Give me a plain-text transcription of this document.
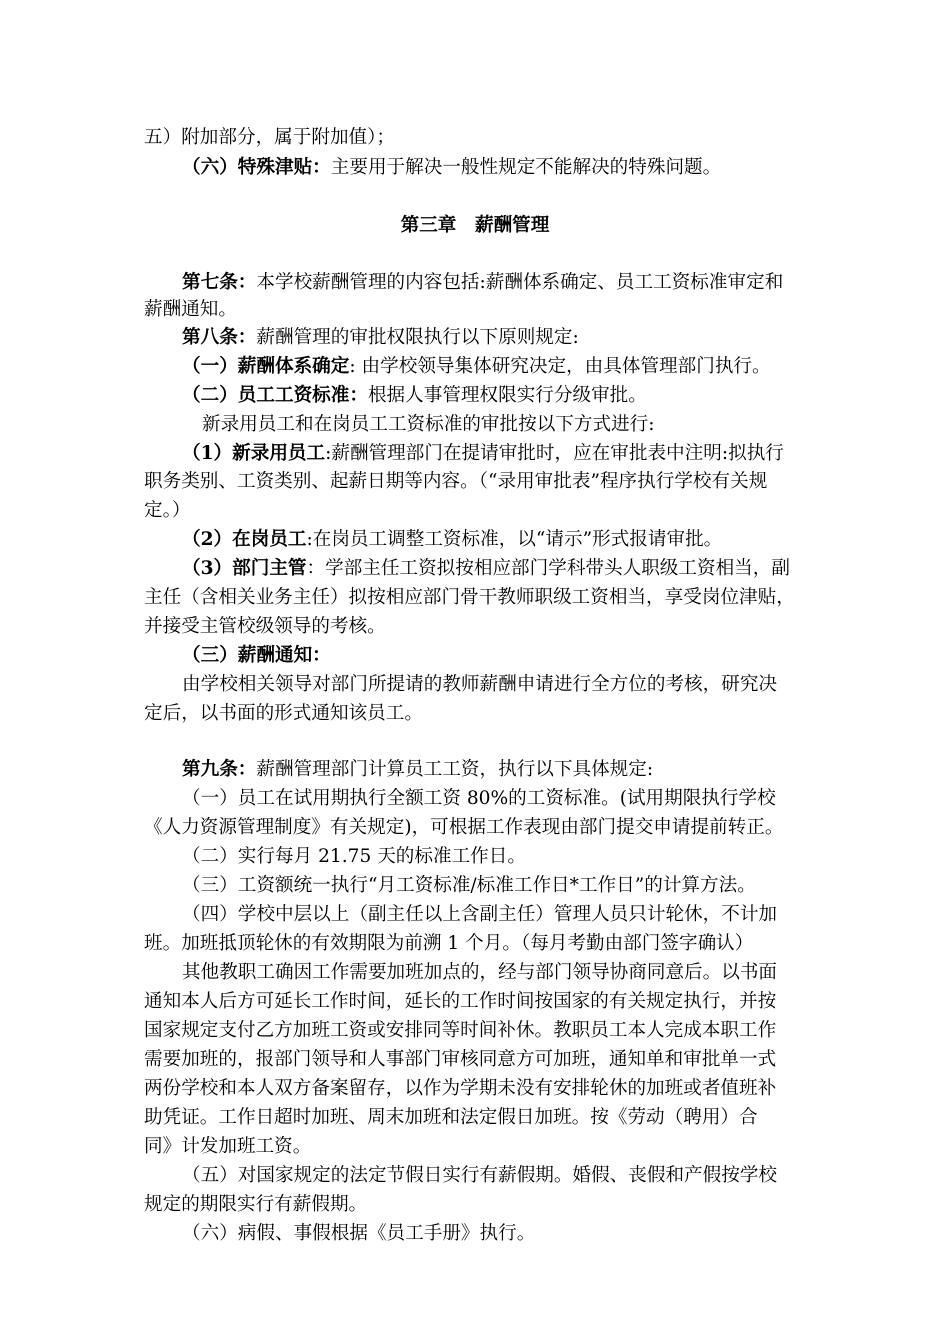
五）附加部分，属于附加值）；
（六）特殊津贴：主要用于解决一般性规定不能解决的特殊问题。
第三章　薪酬管理
第七条：本学校薪酬管理的内容包括:薪酬体系确定、员工工资标准审定和
薪酬通知。
第八条：薪酬管理的审批权限执行以下原则规定:
（一）薪酬体系确定: 由学校领导集体研究决定，由具体管理部门执行。
（二）员工工资标准：根据人事管理权限实行分级审批。
新录用员工和在岗员工工资标准的审批按以下方式进行:
（1）新录用员工:薪酬管理部门在提请审批时，应在审批表中注明:拟执行
职务类别、工资类别、起薪日期等内容。（“录用审批表”程序执行学校有关规
定。）
（2）在岗员工:在岗员工调整工资标准，以“请示”形式报请审批。
（3）部门主管：学部主任工资拟按相应部门学科带头人职级工资相当，副
主任（含相关业务主任）拟按相应部门骨干教师职级工资相当，享受岗位津贴，
并接受主管校级领导的考核。
（三）薪酬通知：
由学校相关领导对部门所提请的教师薪酬申请进行全方位的考核，研究决
定后，以书面的形式通知该员工。
第九条：薪酬管理部门计算员工工资，执行以下具体规定:
（一）员工在试用期执行全额工资 80%的工资标准。(试用期限执行学校
《人力资源管理制度》有关规定)，可根据工作表现由部门提交申请提前转正。
（二）实行每月 21.75 天的标准工作日。
（三）工资额统一执行“月工资标准/标准工作日*工作日”的计算方法。
（四）学校中层以上（副主任以上含副主任）管理人员只计轮休，不计加
班。加班抵顶轮休的有效期限为前溯 1 个月。（每月考勤由部门签字确认）
其他教职工确因工作需要加班加点的，经与部门领导协商同意后。以书面
通知本人后方可延长工作时间，延长的工作时间按国家的有关规定执行，并按
国家规定支付乙方加班工资或安排同等时间补休。教职员工本人完成本职工作
需要加班的，报部门领导和人事部门审核同意方可加班，通知单和审批单一式
两份学校和本人双方备案留存，以作为学期未没有安排轮休的加班或者值班补
助凭证。工作日超时加班、周末加班和法定假日加班。按《劳动（聘用）合
同》计发加班工资。
（五）对国家规定的法定节假日实行有薪假期。婚假、丧假和产假按学校
规定的期限实行有薪假期。
（六）病假、事假根据《员工手册》执行。
